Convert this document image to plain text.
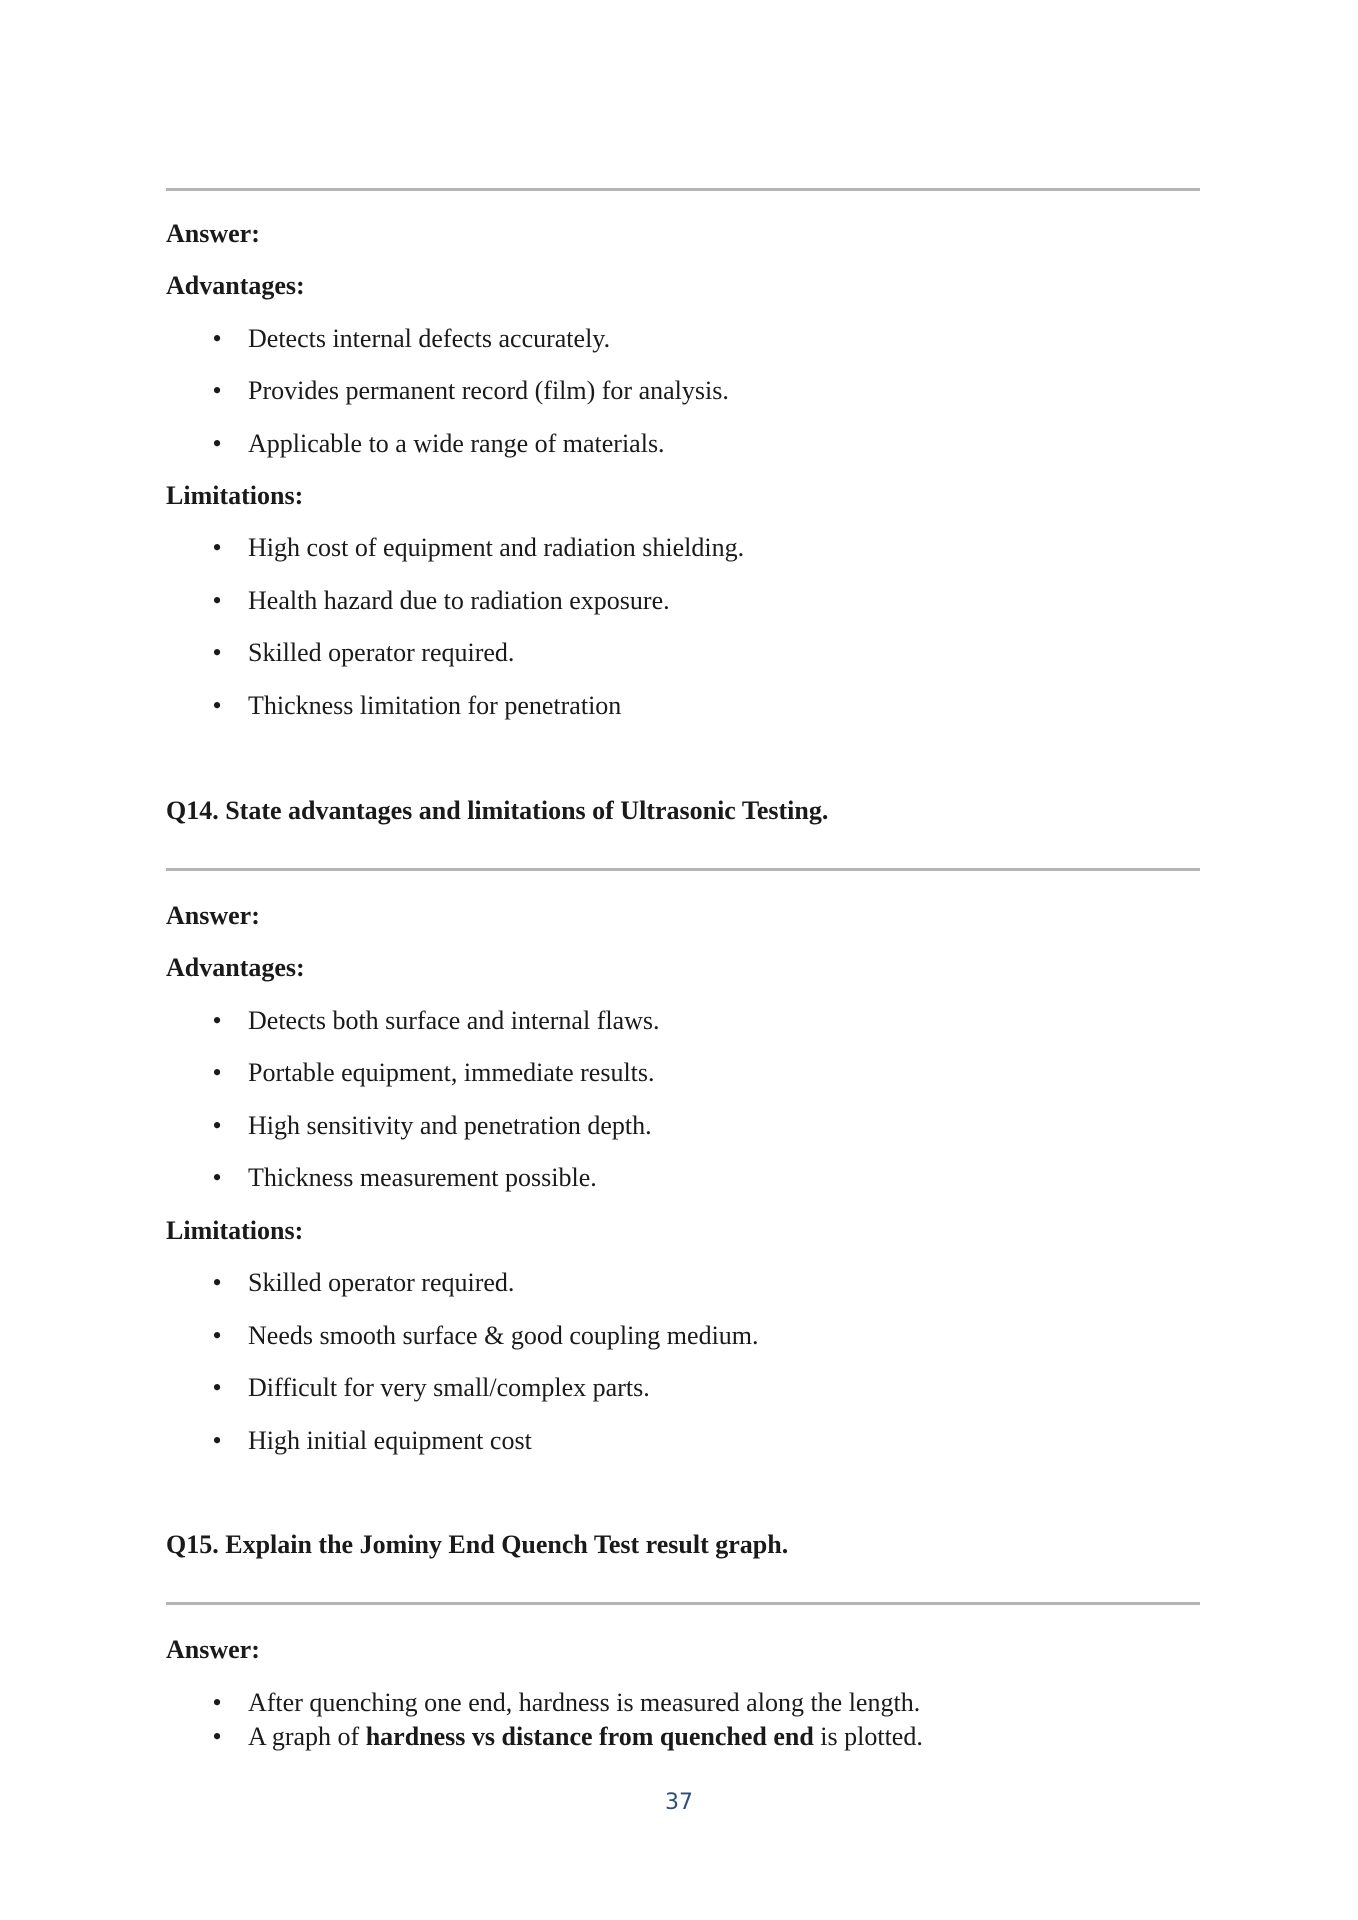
Answer:
Advantages:
• Detects internal defects accurately.
• Provides permanent record (film) for analysis.
• Applicable to a wide range of materials.
Limitations:
• High cost of equipment and radiation shielding.
• Health hazard due to radiation exposure.
• Skilled operator required.
• Thickness limitation for penetration
Q14. State advantages and limitations of Ultrasonic Testing.
Answer:
Advantages:
• Detects both surface and internal flaws.
• Portable equipment, immediate results.
• High sensitivity and penetration depth.
• Thickness measurement possible.
Limitations:
• Skilled operator required.
• Needs smooth surface & good coupling medium.
• Difficult for very small/complex parts.
• High initial equipment cost
Q15. Explain the Jominy End Quench Test result graph.
Answer:
• After quenching one end, hardness is measured along the length.
• A graph of hardness vs distance from quenched end is plotted.
37
